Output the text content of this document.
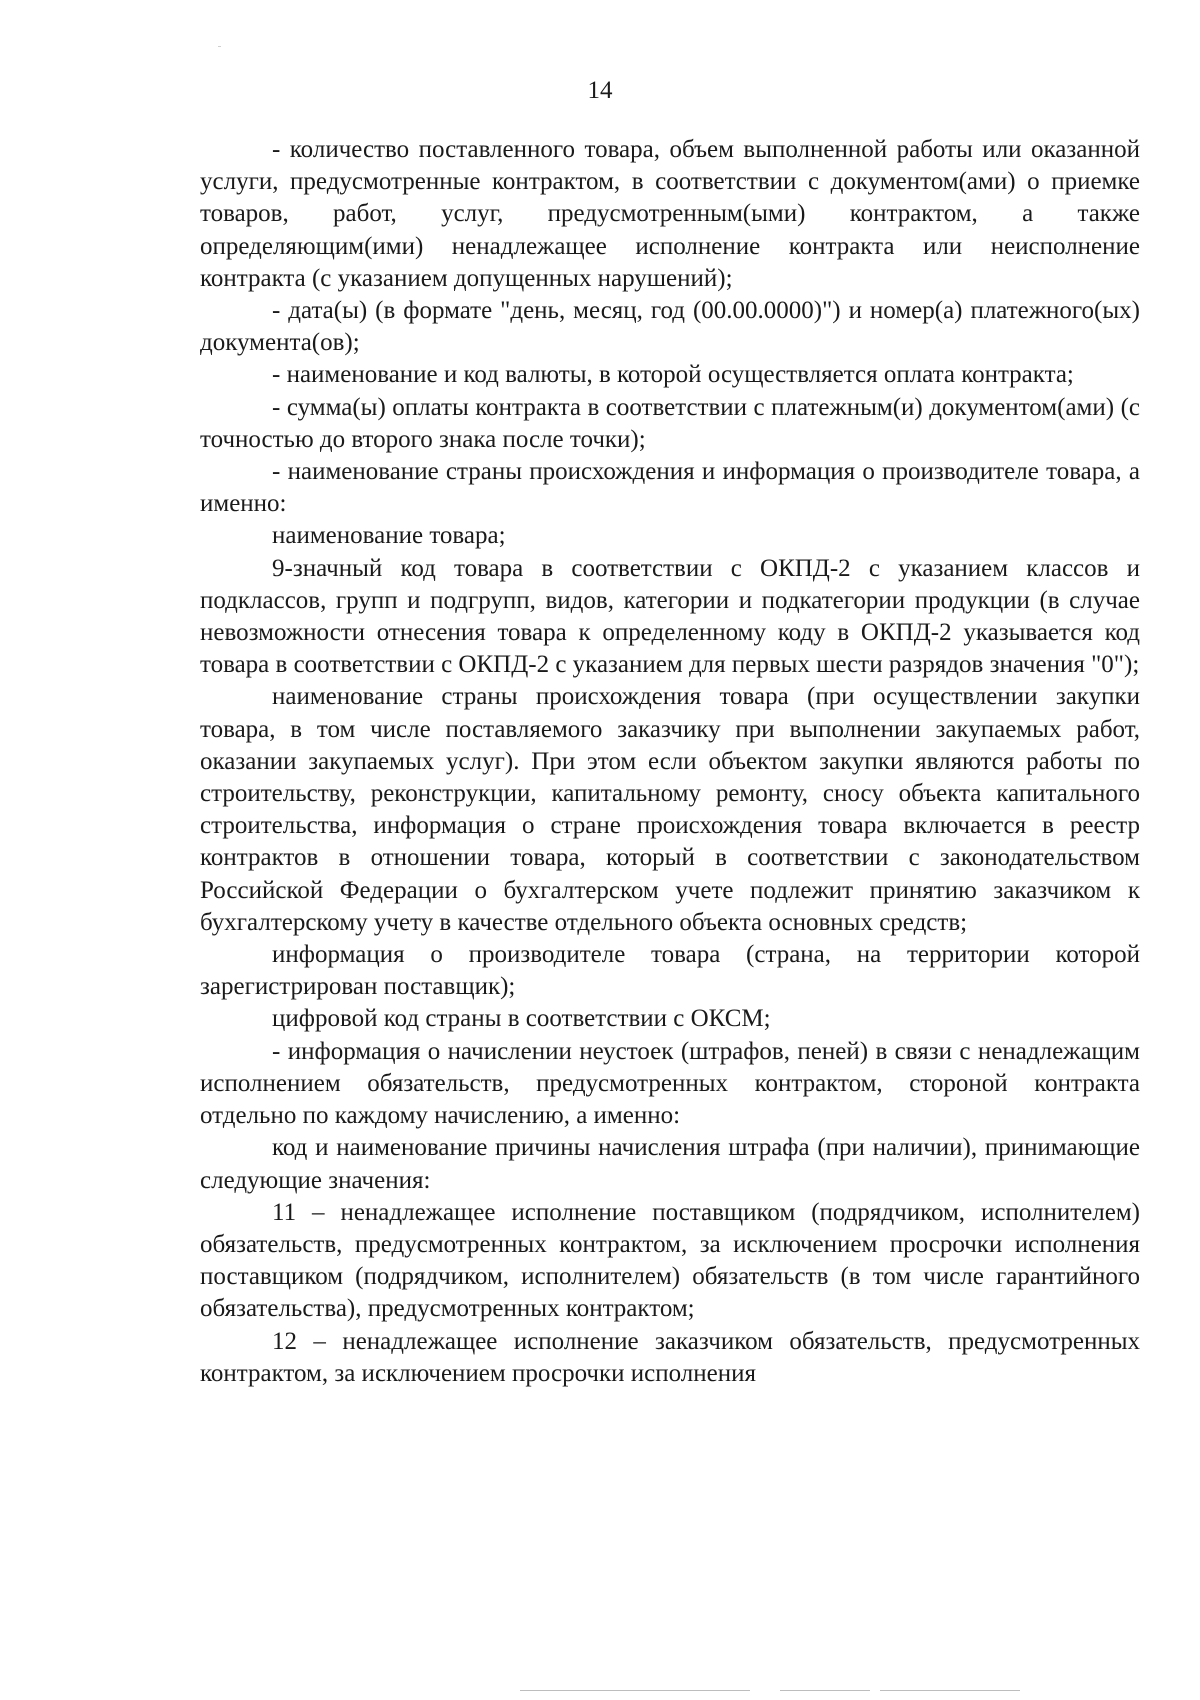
14

- количество поставленного товара, объем выполненной работы или оказанной услуги, предусмотренные контрактом, в соответствии с документом(ами) о приемке товаров, работ, услуг, предусмотренным(ыми) контрактом, а также определяющим(ими) ненадлежащее исполнение контракта или неисполнение контракта (с указанием допущенных нарушений);

- дата(ы) (в формате "день, месяц, год (00.00.0000)") и номер(а) платежного(ых) документа(ов);

- наименование и код валюты, в которой осуществляется оплата контракта;

- сумма(ы) оплаты контракта в соответствии с платежным(и) документом(ами) (с точностью до второго знака после точки);

- наименование страны происхождения и информация о производителе товара, а именно:

наименование товара;

9-значный код товара в соответствии с ОКПД-2 с указанием классов и подклассов, групп и подгрупп, видов, категории и подкатегории продукции (в случае невозможности отнесения товара к определенному коду в ОКПД-2 указывается код товара в соответствии с ОКПД-2 с указанием для первых шести разрядов значения "0");

наименование страны происхождения товара (при осуществлении закупки товара, в том числе поставляемого заказчику при выполнении закупаемых работ, оказании закупаемых услуг). При этом если объектом закупки являются работы по строительству, реконструкции, капитальному ремонту, сносу объекта капитального строительства, информация о стране происхождения товара включается в реестр контрактов в отношении товара, который в соответствии с законодательством Российской Федерации о бухгалтерском учете подлежит принятию заказчиком к бухгалтерскому учету в качестве отдельного объекта основных средств;

информация о производителе товара (страна, на территории которой зарегистрирован поставщик);

цифровой код страны в соответствии с ОКСМ;

- информация о начислении неустоек (штрафов, пеней) в связи с ненадлежащим исполнением обязательств, предусмотренных контрактом, стороной контракта отдельно по каждому начислению, а именно:

код и наименование причины начисления штрафа (при наличии), принимающие следующие значения:

11 – ненадлежащее исполнение поставщиком (подрядчиком, исполнителем) обязательств, предусмотренных контрактом, за исключением просрочки исполнения поставщиком (подрядчиком, исполнителем) обязательств (в том числе гарантийного обязательства), предусмотренных контрактом;

12 – ненадлежащее исполнение заказчиком обязательств, предусмотренных контрактом, за исключением просрочки исполнения
